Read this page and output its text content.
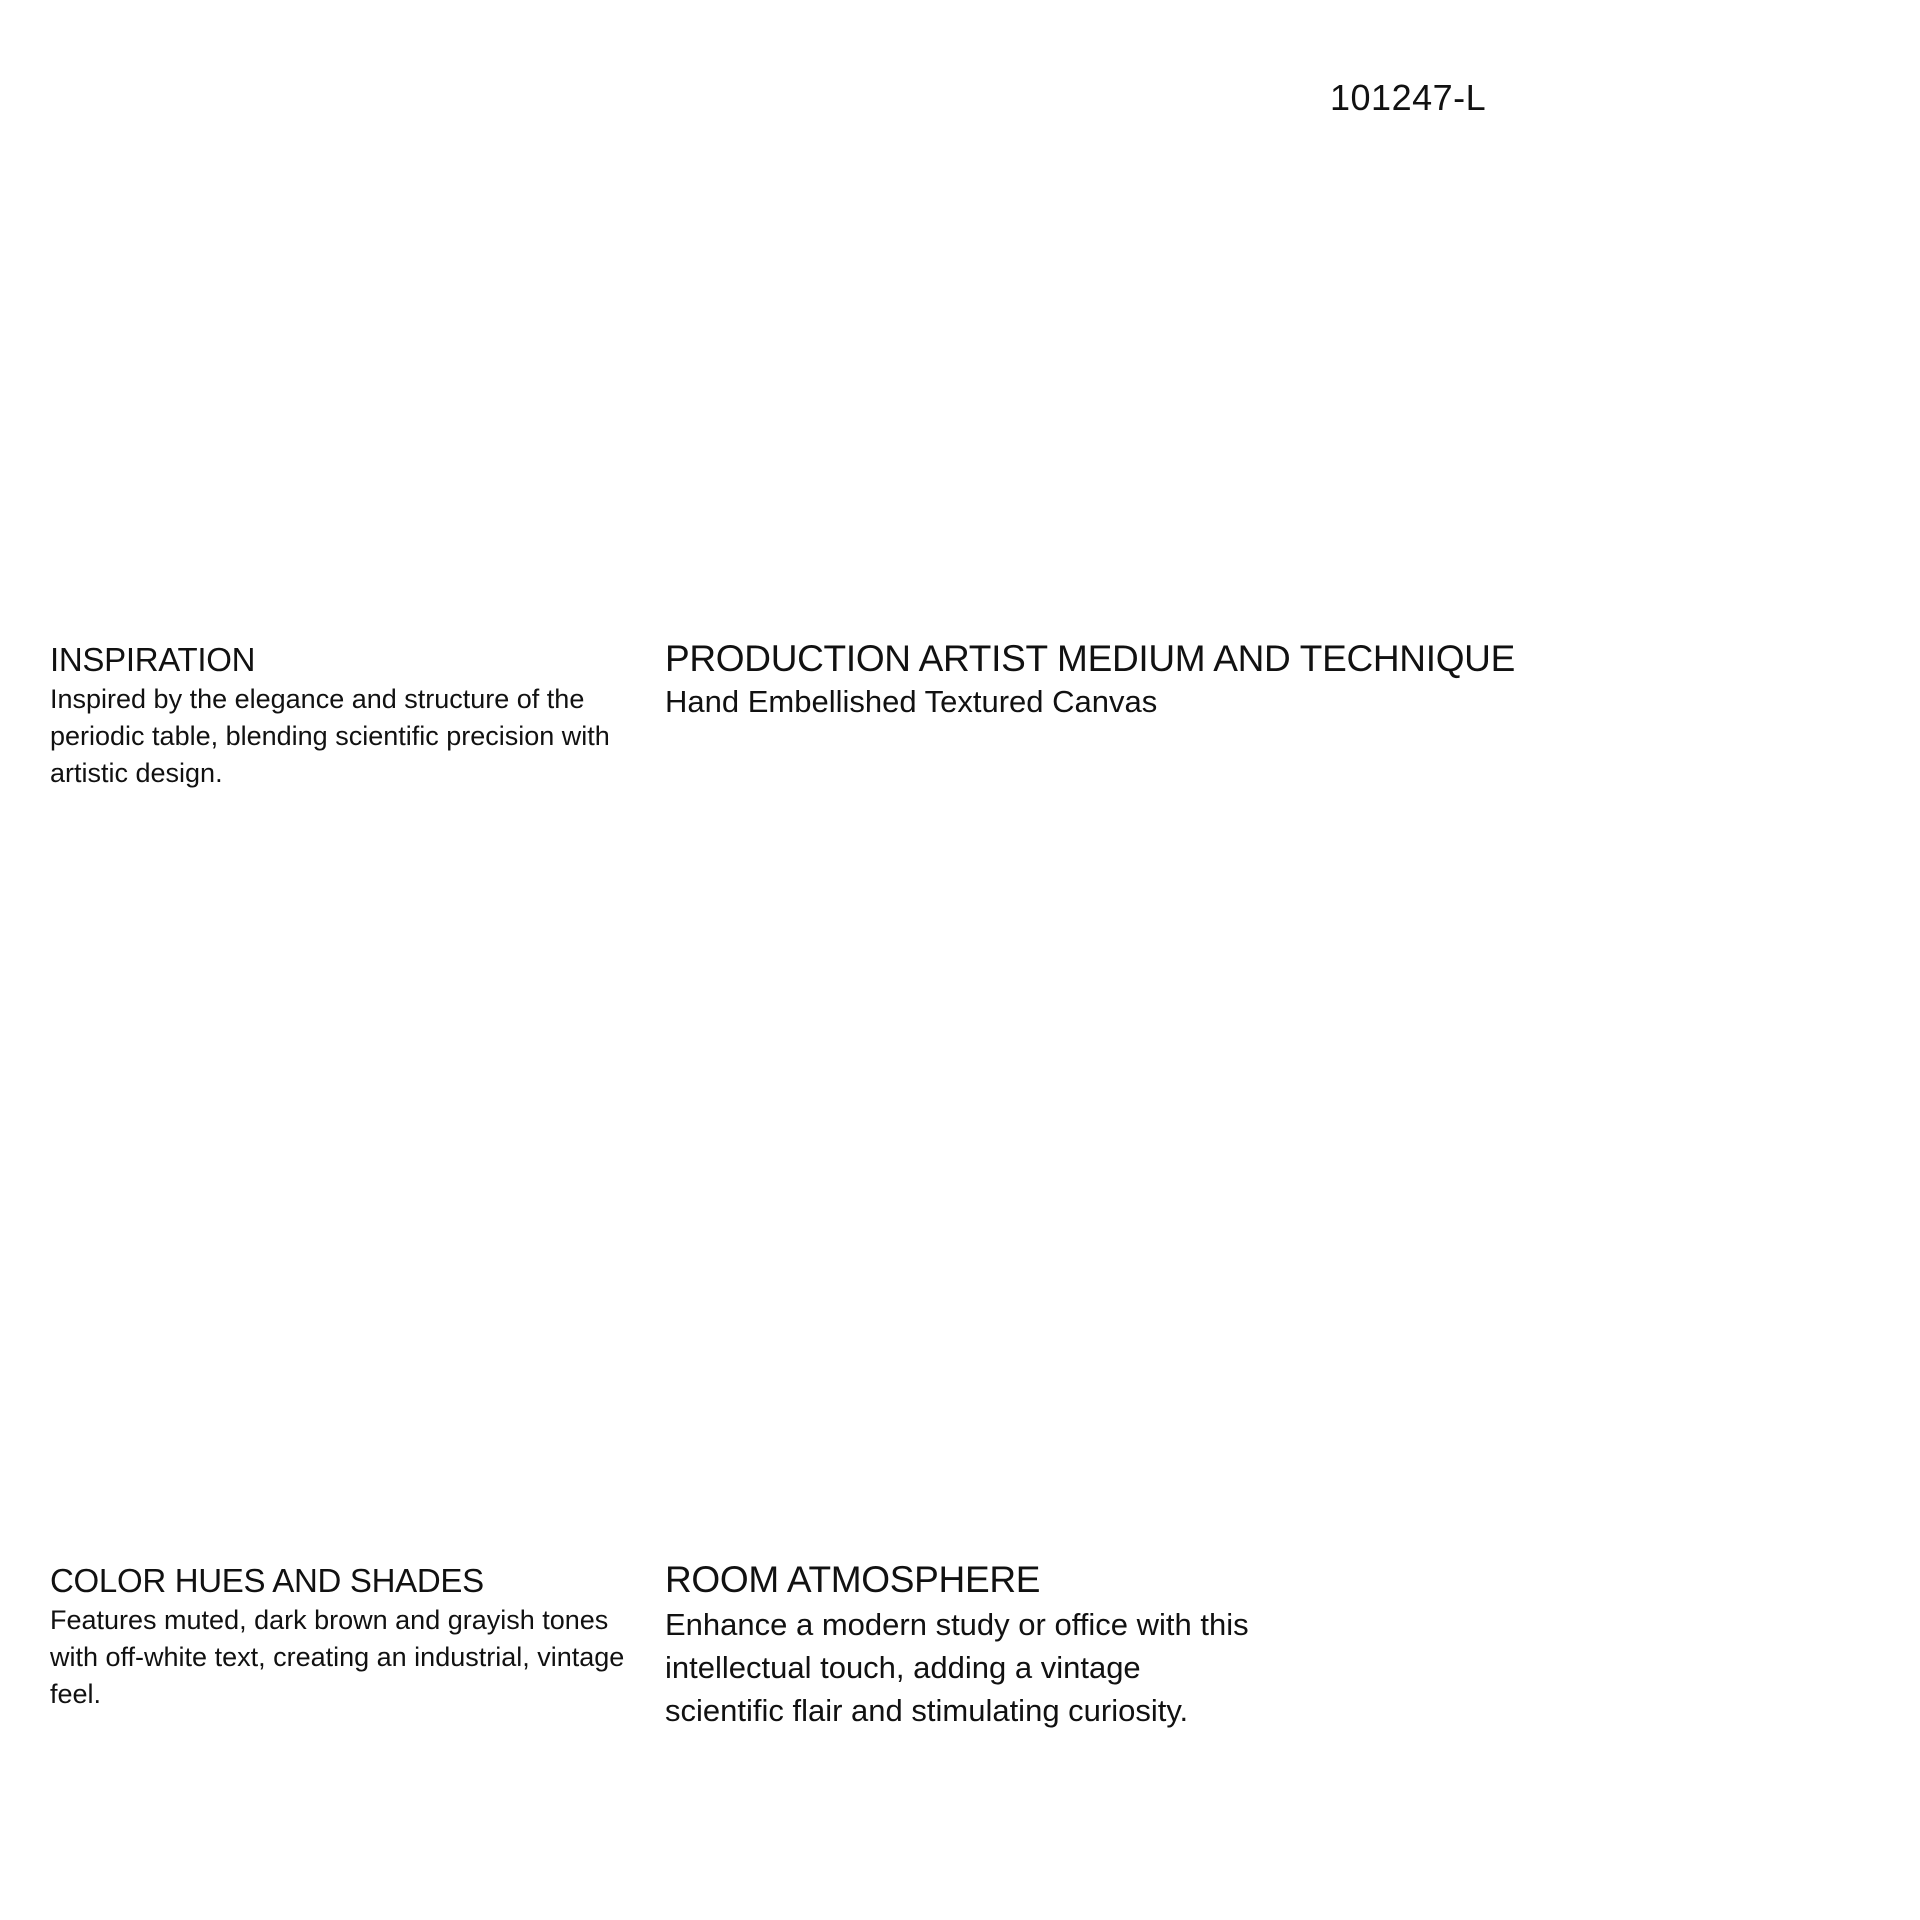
101247-L
INSPIRATION

Inspired by the elegance and structure of the periodic table, blending scientific precision with artistic design.

PRODUCTION ARTIST MEDIUM AND TECHNIQUE

Hand Embellished Textured Canvas

COLOR HUES AND SHADES

Features muted, dark brown and grayish tones with off-white text, creating an industrial, vintage feel.

ROOM ATMOSPHERE

Enhance a modern study or office with this intellectual touch, adding a vintage scientific flair and stimulating curiosity.
